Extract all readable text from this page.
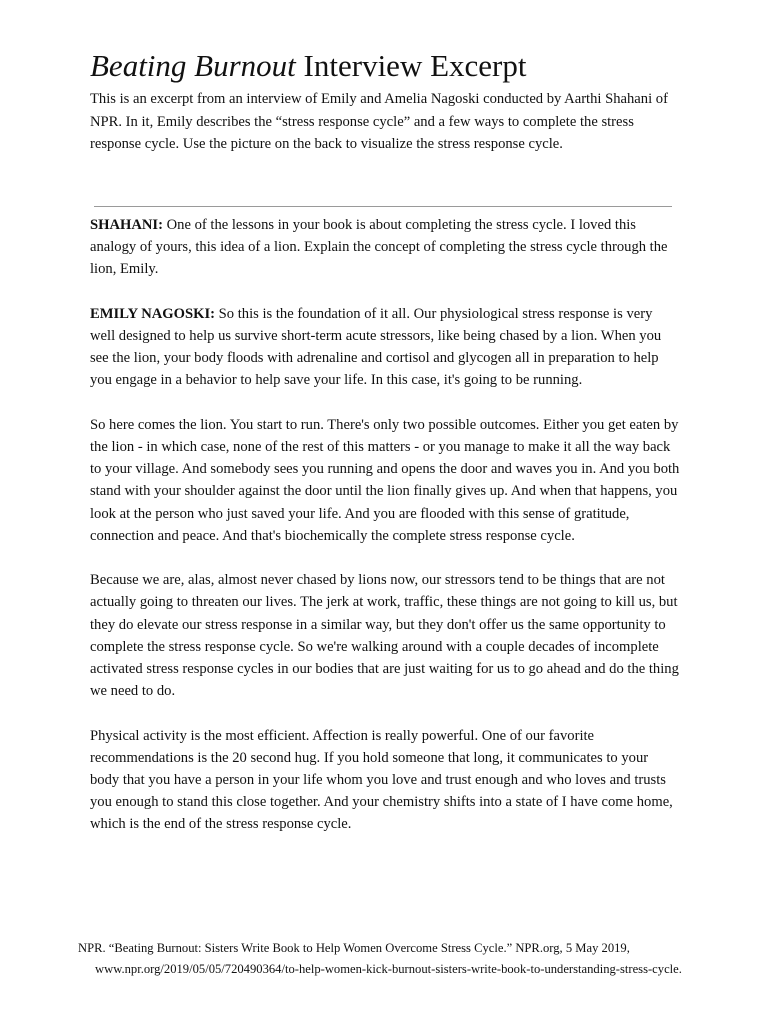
Beating Burnout Interview Excerpt

This is an excerpt from an interview of Emily and Amelia Nagoski conducted by Aarthi Shahani of NPR. In it, Emily describes the “stress response cycle” and a few ways to complete the stress response cycle. Use the picture on the back to visualize the stress response cycle.

SHAHANI: One of the lessons in your book is about completing the stress cycle. I loved this analogy of yours, this idea of a lion. Explain the concept of completing the stress cycle through the lion, Emily.

EMILY NAGOSKI: So this is the foundation of it all. Our physiological stress response is very well designed to help us survive short-term acute stressors, like being chased by a lion. When you see the lion, your body floods with adrenaline and cortisol and glycogen all in preparation to help you engage in a behavior to help save your life. In this case, it's going to be running.

So here comes the lion. You start to run. There's only two possible outcomes. Either you get eaten by the lion - in which case, none of the rest of this matters - or you manage to make it all the way back to your village. And somebody sees you running and opens the door and waves you in. And you both stand with your shoulder against the door until the lion finally gives up. And when that happens, you look at the person who just saved your life. And you are flooded with this sense of gratitude, connection and peace. And that's biochemically the complete stress response cycle.

Because we are, alas, almost never chased by lions now, our stressors tend to be things that are not actually going to threaten our lives. The jerk at work, traffic, these things are not going to kill us, but they do elevate our stress response in a similar way, but they don't offer us the same opportunity to complete the stress response cycle. So we're walking around with a couple decades of incomplete activated stress response cycles in our bodies that are just waiting for us to go ahead and do the thing we need to do.

Physical activity is the most efficient. Affection is really powerful. One of our favorite recommendations is the 20 second hug. If you hold someone that long, it communicates to your body that you have a person in your life whom you love and trust enough and who loves and trusts you enough to stand this close together. And your chemistry shifts into a state of I have come home, which is the end of the stress response cycle.

NPR. “Beating Burnout: Sisters Write Book to Help Women Overcome Stress Cycle.” NPR.org, 5 May 2019,
www.npr.org/2019/05/05/720490364/to-help-women-kick-burnout-sisters-write-book-to-understanding-stress-cycle.
